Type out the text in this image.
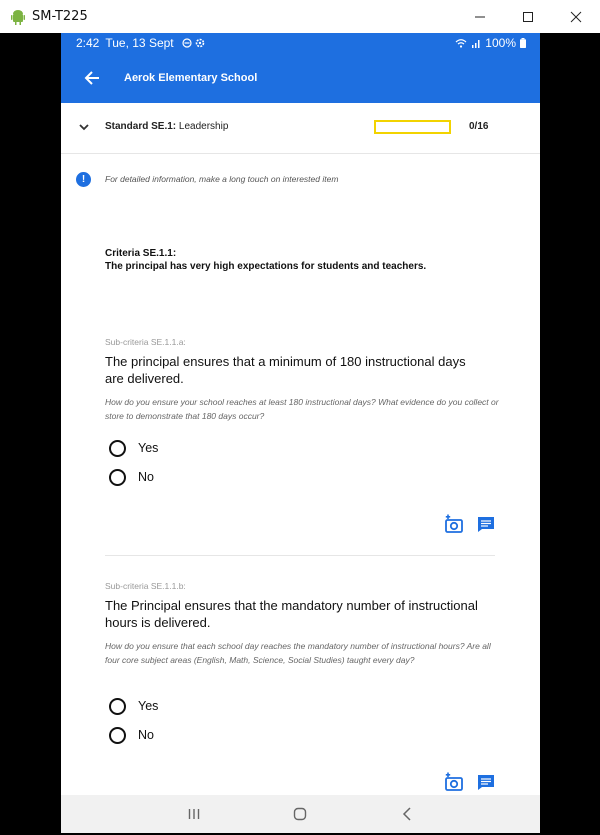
SM-T225
2:42 Tue, 13 Sept	100%
Aerok Elementary School
Standard SE.1: Leadership	0/16
!	For detailed information, make a long touch on interested item
Criteria SE.1.1:
The principal has very high expectations for students and teachers.
Sub-criteria SE.1.1.a:
The principal ensures that a minimum of 180 instructional days are delivered.
How do you ensure your school reaches at least 180 instructional days? What evidence do you collect or store to demonstrate that 180 days occur?
Yes
No
Sub-criteria SE.1.1.b:
The Principal ensures that the mandatory number of instructional hours is delivered.
How do you ensure that each school day reaches the mandatory number of instructional hours? Are all four core subject areas (English, Math, Science, Social Studies) taught every day?
Yes
No
